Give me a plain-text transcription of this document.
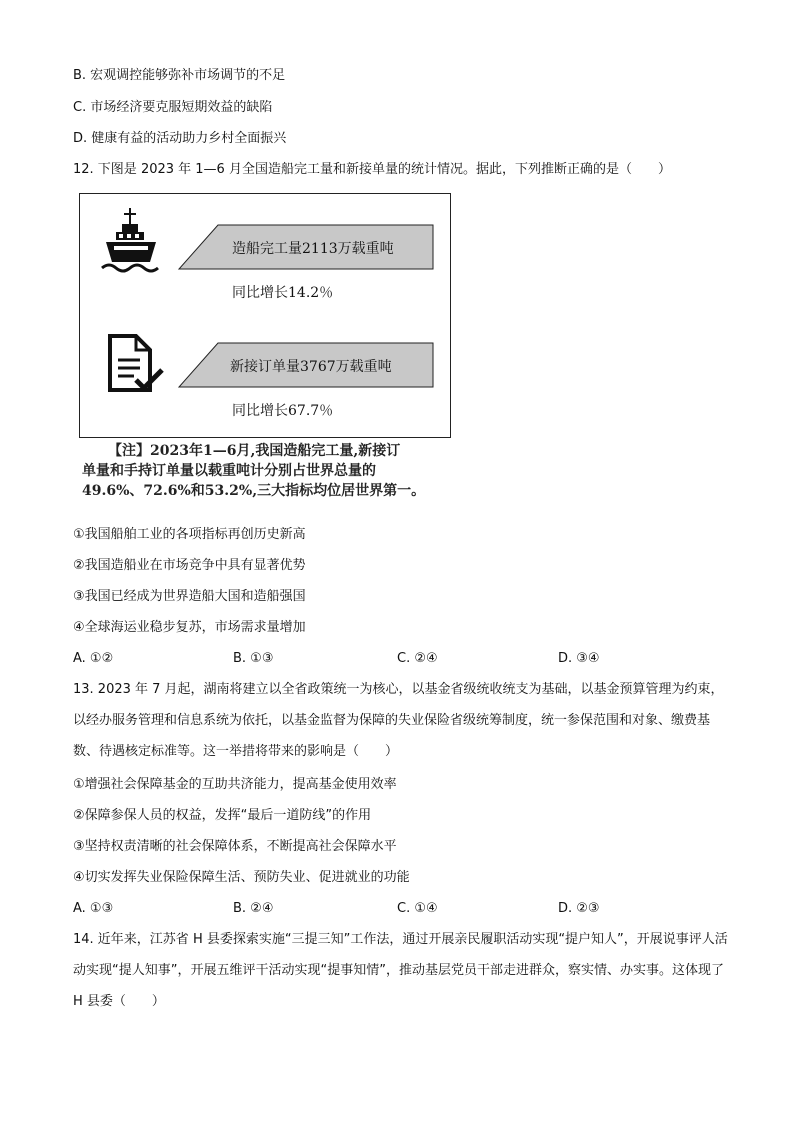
B. 宏观调控能够弥补市场调节的不足
C. 市场经济要克服短期效益的缺陷
D. 健康有益的活动助力乡村全面振兴
12. 下图是 2023 年 1—6 月全国造船完工量和新接单量的统计情况。据此，下列推断正确的是（　　）
造船完工量2113万载重吨
同比增长14.2％
新接订单量3767万载重吨
同比增长67.7％
【注】2023年1—6月,我国造船完工量,新接订
单量和手持订单量以载重吨计分别占世界总量的
49.6%、72.6%和53.2%,三大指标均位居世界第一。
①我国船舶工业的各项指标再创历史新高
②我国造船业在市场竞争中具有显著优势
③我国已经成为世界造船大国和造船强国
④全球海运业稳步复苏，市场需求量增加
A. ①②	B. ①③	C. ②④	D. ③④
13. 2023 年 7 月起，湖南将建立以全省政策统一为核心，以基金省级统收统支为基础，以基金预算管理为约束，以经办服务管理和信息系统为依托，以基金监督为保障的失业保险省级统筹制度，统一参保范围和对象、缴费基数、待遇核定标准等。这一举措将带来的影响是（　　）
①增强社会保障基金的互助共济能力，提高基金使用效率
②保障参保人员的权益，发挥“最后一道防线”的作用
③坚持权责清晰的社会保障体系，不断提高社会保障水平
④切实发挥失业保险保障生活、预防失业、促进就业的功能
A. ①③	B. ②④	C. ①④	D. ②③
14. 近年来，江苏省 H 县委探索实施“三提三知”工作法，通过开展亲民履职活动实现“提户知人”，开展说事评人活动实现“提人知事”，开展五维评干活动实现“提事知情”，推动基层党员干部走进群众，察实情、办实事。这体现了 H 县委（　　）
